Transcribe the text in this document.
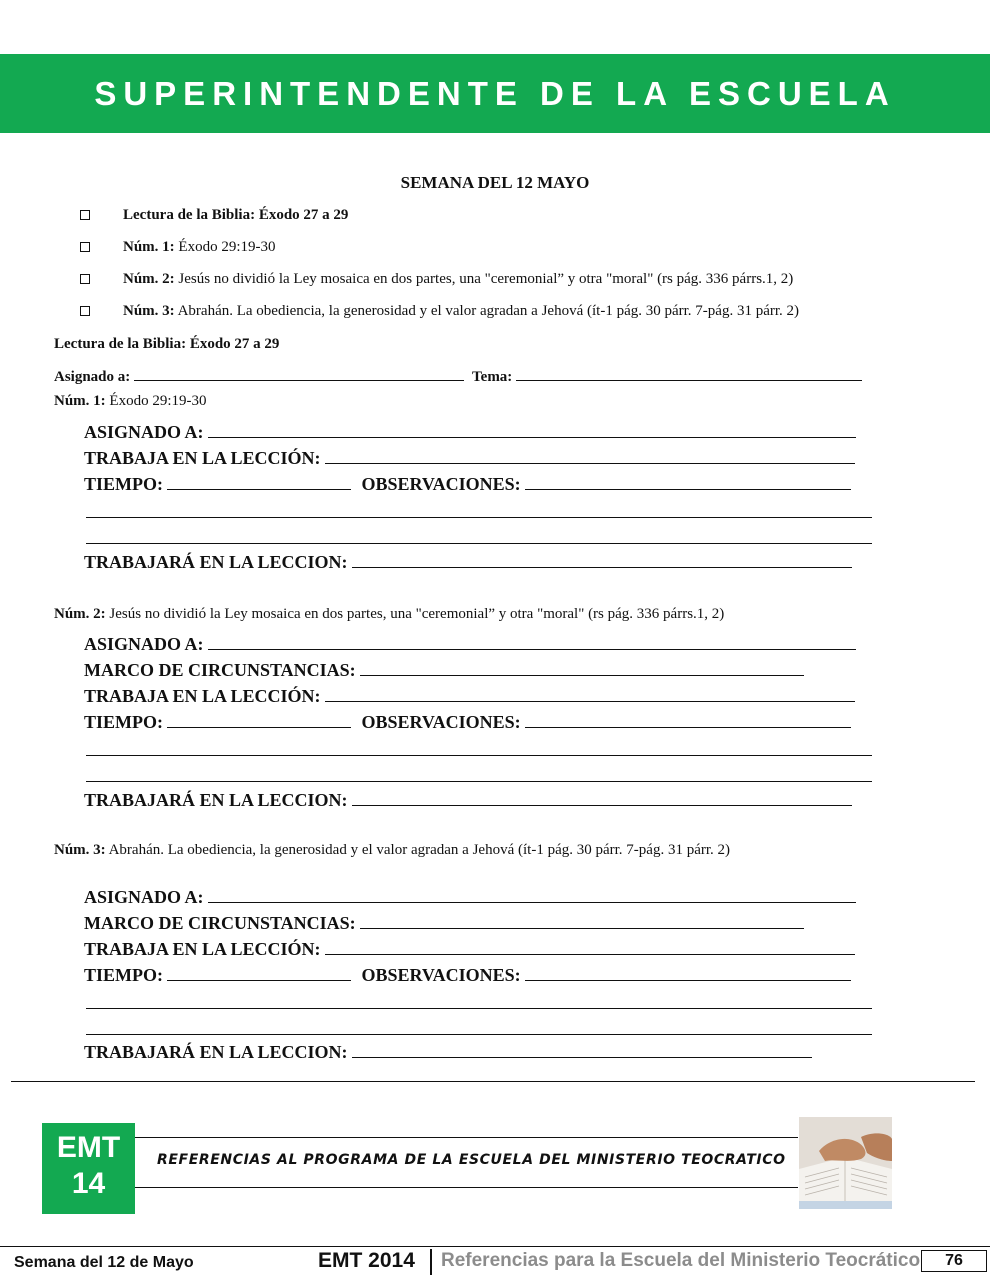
SUPERINTENDENTE DE LA ESCUELA
SEMANA DEL 12 MAYO
Lectura de la Biblia: Éxodo 27 a 29
Núm. 1: Éxodo 29:19-30
Núm. 2: Jesús no dividió la Ley mosaica en dos partes, una "ceremonial” y otra "moral" (rs pág. 336 párrs.1, 2)
Núm. 3: Abrahán. La obediencia, la generosidad y el valor agradan a Jehová (ít-1 pág. 30 párr. 7-pág. 31 párr. 2)
Lectura de la Biblia: Éxodo 27 a 29
Asignado a:	Tema:
Núm. 1: Éxodo 29:19-30
ASIGNADO A:
TRABAJA EN LA LECCIÓN:
TIEMPO:	OBSERVACIONES:
TRABAJARÁ EN LA LECCION:
Núm. 2: Jesús no dividió la Ley mosaica en dos partes, una "ceremonial” y otra "moral" (rs pág. 336 párrs.1, 2)
ASIGNADO A:
MARCO DE CIRCUNSTANCIAS:
TRABAJA EN LA LECCIÓN:
TIEMPO:	OBSERVACIONES:
TRABAJARÁ EN LA LECCION:
Núm. 3: Abrahán. La obediencia, la generosidad y el valor agradan a Jehová (ít-1 pág. 30 párr. 7-pág. 31 párr. 2)
ASIGNADO A:
MARCO DE CIRCUNSTANCIAS:
TRABAJA EN LA LECCIÓN:
TIEMPO:	OBSERVACIONES:
TRABAJARÁ EN LA LECCION:
EMT
14
REFERENCIAS AL PROGRAMA DE LA ESCUELA DEL MINISTERIO TEOCRATICO
Semana del 12 de Mayo	EMT 2014 Referencias para la Escuela del Ministerio Teocrático	76
